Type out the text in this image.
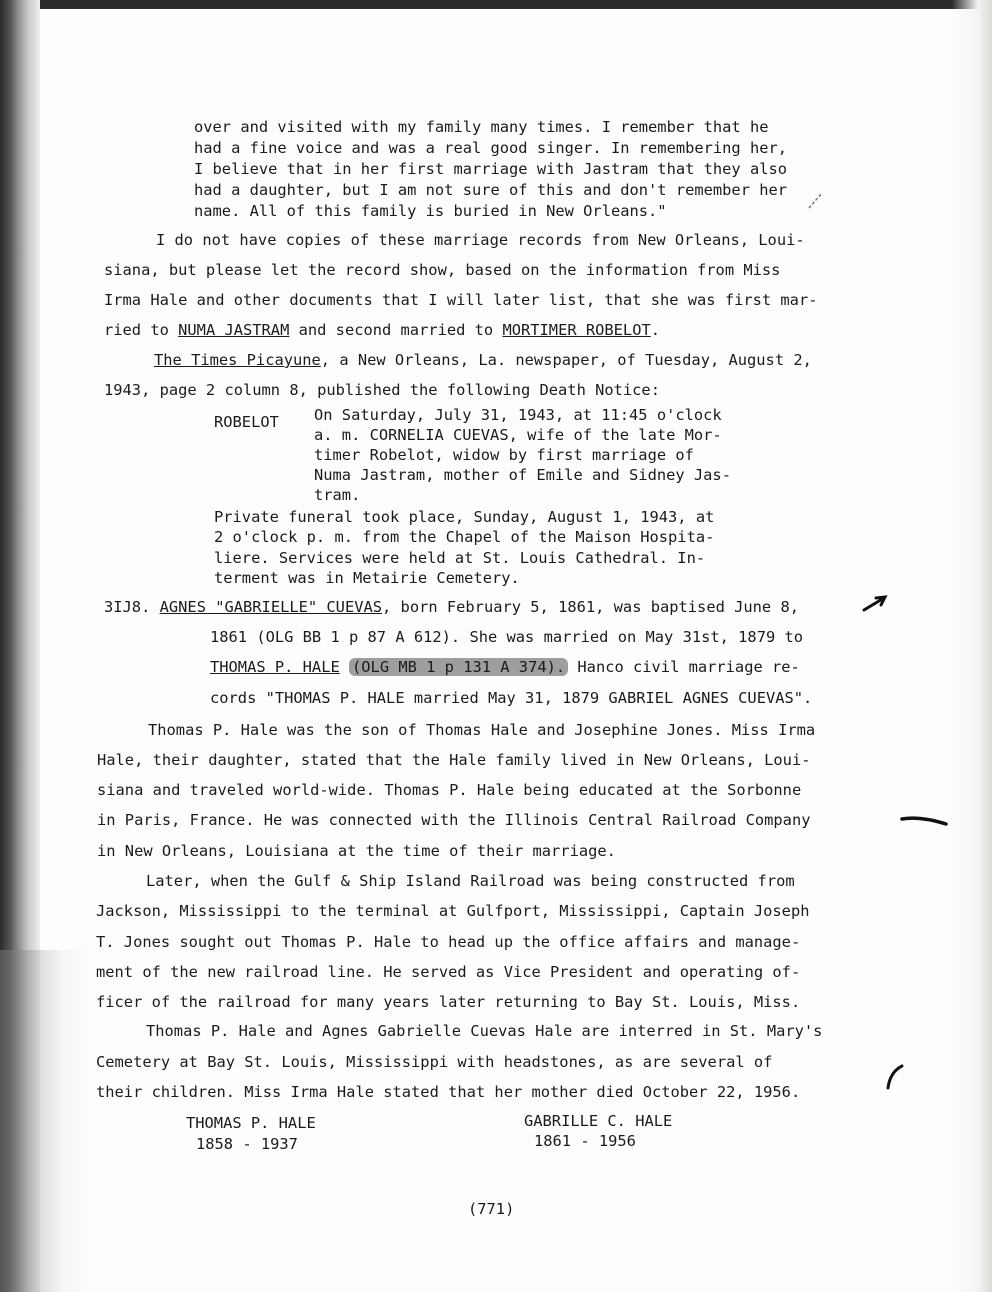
over and visited with my family many times. I remember that he
had a fine voice and was a real good singer. In remembering her,
I believe that in her first marriage with Jastram that they also
had a daughter, but I am not sure of this and don't remember her
name. All of this family is buried in New Orleans."
I do not have copies of these marriage records from New Orleans, Loui-
siana, but please let the record show, based on the information from Miss
Irma Hale and other documents that I will later list, that she was first mar-
ried to NUMA JASTRAM and second married to MORTIMER ROBELOT.
The Times Picayune, a New Orleans, La. newspaper, of Tuesday, August 2,
1943, page 2 column 8, published the following Death Notice:
ROBELOT On Saturday, July 31, 1943, at 11:45 o'clock
a. m. CORNELIA CUEVAS, wife of the late Mor-
timer Robelot, widow by first marriage of
Numa Jastram, mother of Emile and Sidney Jas-
tram.
Private funeral took place, Sunday, August 1, 1943, at
2 o'clock p. m. from the Chapel of the Maison Hospita-
liere. Services were held at St. Louis Cathedral. In-
terment was in Metairie Cemetery.
3IJ8. AGNES "GABRIELLE" CUEVAS, born February 5, 1861, was baptised June 8,
1861 (OLG BB 1 p 87 A 612). She was married on May 31st, 1879 to
THOMAS P. HALE (OLG MB 1 p 131 A 374). Hanco civil marriage re-
cords "THOMAS P. HALE married May 31, 1879 GABRIEL AGNES CUEVAS".
Thomas P. Hale was the son of Thomas Hale and Josephine Jones. Miss Irma
Hale, their daughter, stated that the Hale family lived in New Orleans, Loui-
siana and traveled world-wide. Thomas P. Hale being educated at the Sorbonne
in Paris, France. He was connected with the Illinois Central Railroad Company
in New Orleans, Louisiana at the time of their marriage.
Later, when the Gulf & Ship Island Railroad was being constructed from
Jackson, Mississippi to the terminal at Gulfport, Mississippi, Captain Joseph
T. Jones sought out Thomas P. Hale to head up the office affairs and manage-
ment of the new railroad line. He served as Vice President and operating of-
ficer of the railroad for many years later returning to Bay St. Louis, Miss.
Thomas P. Hale and Agnes Gabrielle Cuevas Hale are interred in St. Mary's
Cemetery at Bay St. Louis, Mississippi with headstones, as are several of
their children. Miss Irma Hale stated that her mother died October 22, 1956.
THOMAS P. HALE
1858 - 1937
GABRILLE C. HALE
1861 - 1956
(771)
